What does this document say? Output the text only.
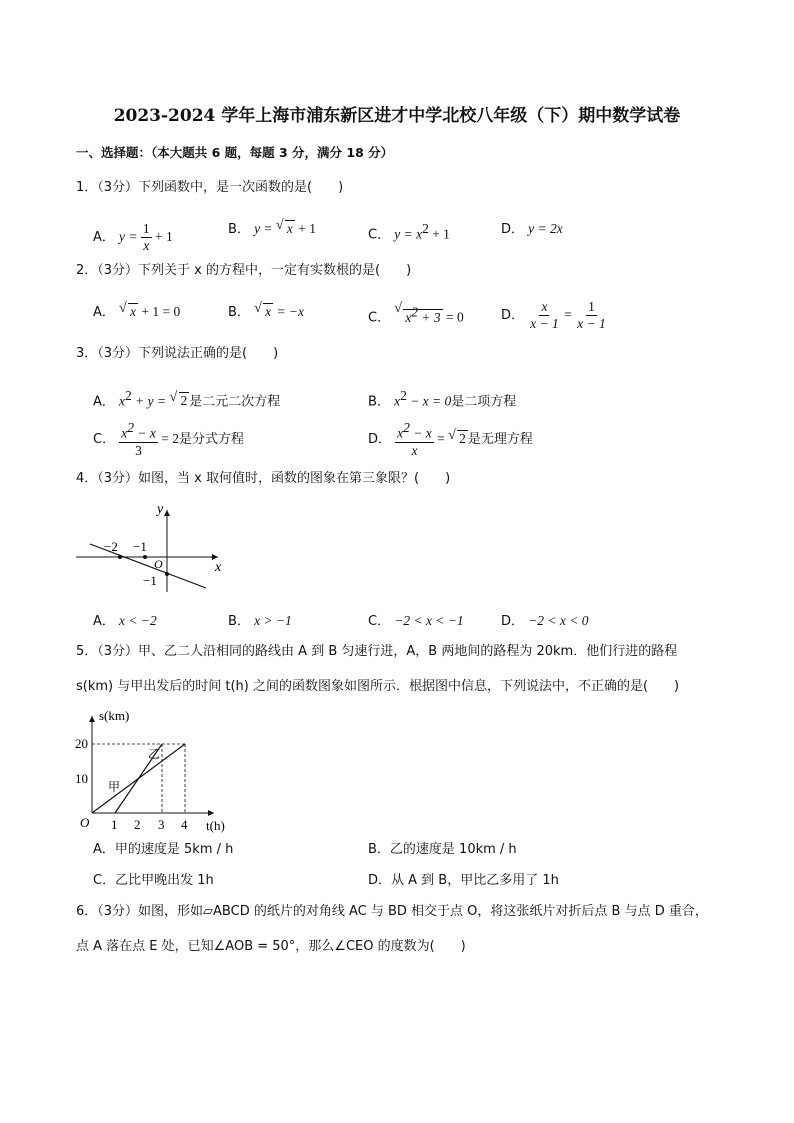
2023-2024 学年上海市浦东新区进才中学北校八年级（下）期中数学试卷
一、选择题：（本大题共 6 题，每题 3 分，满分 18 分）
1．（3分）下列函数中，是一次函数的是(　　)
A． $y = \frac{1}{x} + 1$	B． y = √ x + 1	C． $y = x^2 + 1$	D． y = 2x
2．（3分）下列关于 x 的方程中，一定有实数根的是(　　)
A． √ x + 1 = 0	B． √ x = −x	C．
√
$x^2 + 3 = 0$	D． $\frac{x}{x - 1} = \frac{1}{x - 1}$
3．（3分）下列说法正确的是(　　)
A． $x^2 + y$ = √ 2 是二元二次方程	B． $x^2 - x = 0$是二项方程
C． $\frac{x^2 - x}{3} = 2$是分式方程	D． $\frac{x^2 - x}{x}$ = √ 2 是无理方程
4．（3分）如图，当 x 取何值时，函数的图象在第三象限？(　　)
y
x
O
−2 −1
−1
A． x < −2	B． x > −1	C． −2 < x < −1	D． −2 < x < 0
5．（3分）甲、乙二人沿相同的路线由 A 到 B 匀速行进，A，B 两地间的路程为 20km．他们行进的路程
s(km) 与甲出发后的时间 t(h) 之间的函数图象如图所示．根据图中信息，下列说法中，不正确的是(　　)
s(km)
t(h)
O
20
10
1 2 3 4
甲
乙
A．甲的速度是 5km / h	B．乙的速度是 10km / h
C．乙比甲晚出发 1h	D．从 A 到 B，甲比乙多用了 1h
6．（3分）如图，形如▱ABCD 的纸片的对角线 AC 与 BD 相交于点 O，将这张纸片对折后点 B 与点 D 重合，
点 A 落在点 E 处，已知∠AOB = 50°，那么∠CEO 的度数为(　　)
